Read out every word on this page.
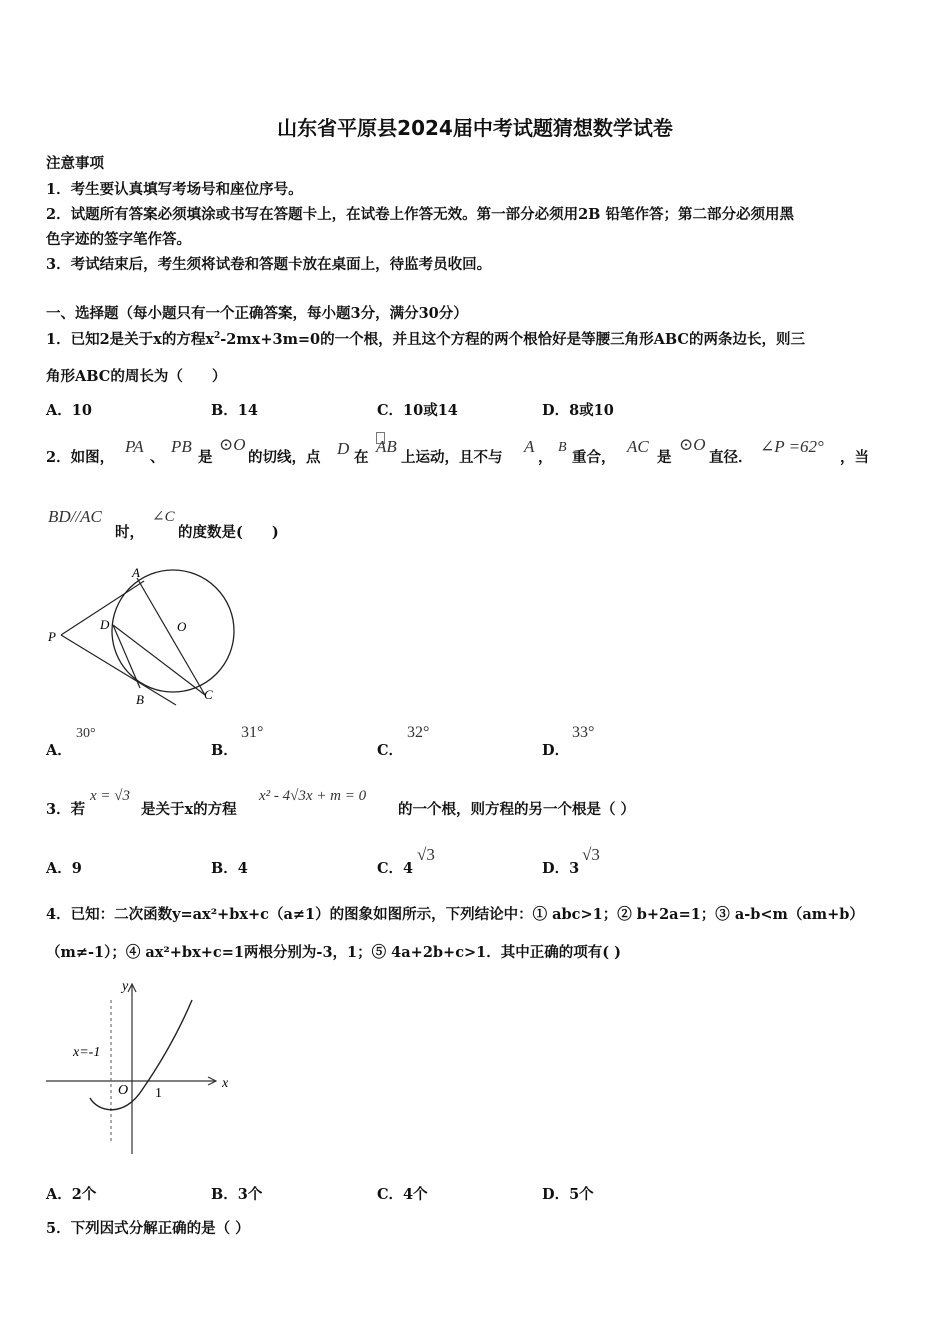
山东省平原县2024届中考试题猜想数学试卷
注意事项
1．考生要认真填写考场号和座位序号。
2．试题所有答案必须填涂或书写在答题卡上，在试卷上作答无效。第一部分必须用2B 铅笔作答；第二部分必须用黑
色字迹的签字笔作答。
3．考试结束后，考生须将试卷和答题卡放在桌面上，待监考员收回。
一、选择题（每小题只有一个正确答案，每小题3分，满分30分）
1．已知2是关于x的方程$x^2-2mx+3m=0$的一个根，并且这个方程的两个根恰好是等腰三角形ABC的两条边长，则三
角形ABC的周长为（　　）
A．10	B．14	C．10或14	D．8或10
2．如图，
PA
、
PB
是
⊙O
的切线，点 D 在
AB
上运动，且不与
A
，
B
重合，
AC
是
⊙O
直径．
∠P =62°
，当
BD//AC
时，
∠C
的度数是(　　)
A
O
P
D
B	C
A．
30°
B．
31°
C．
32°
D．
33°
3．若
x = √3
是关于x的方程
x² - 4√3x + m = 0
的一个根，则方程的另一个根是（ ）
A．9	B．4	C．4
√3
D．3
√3
4．已知：二次函数y=ax²+bx+c（a≠1）的图象如图所示，下列结论中：① abc>1；② b+2a=1；③ a-b<m（am+b）
（m≠-1）；④ ax²+bx+c=1两根分别为-3，1；⑤ 4a+2b+c>1．其中正确的项有( )
y
x
x=-1
O 1
A．2个	B．3个	C．4个	D．5个
5．下列因式分解正确的是（ ）
